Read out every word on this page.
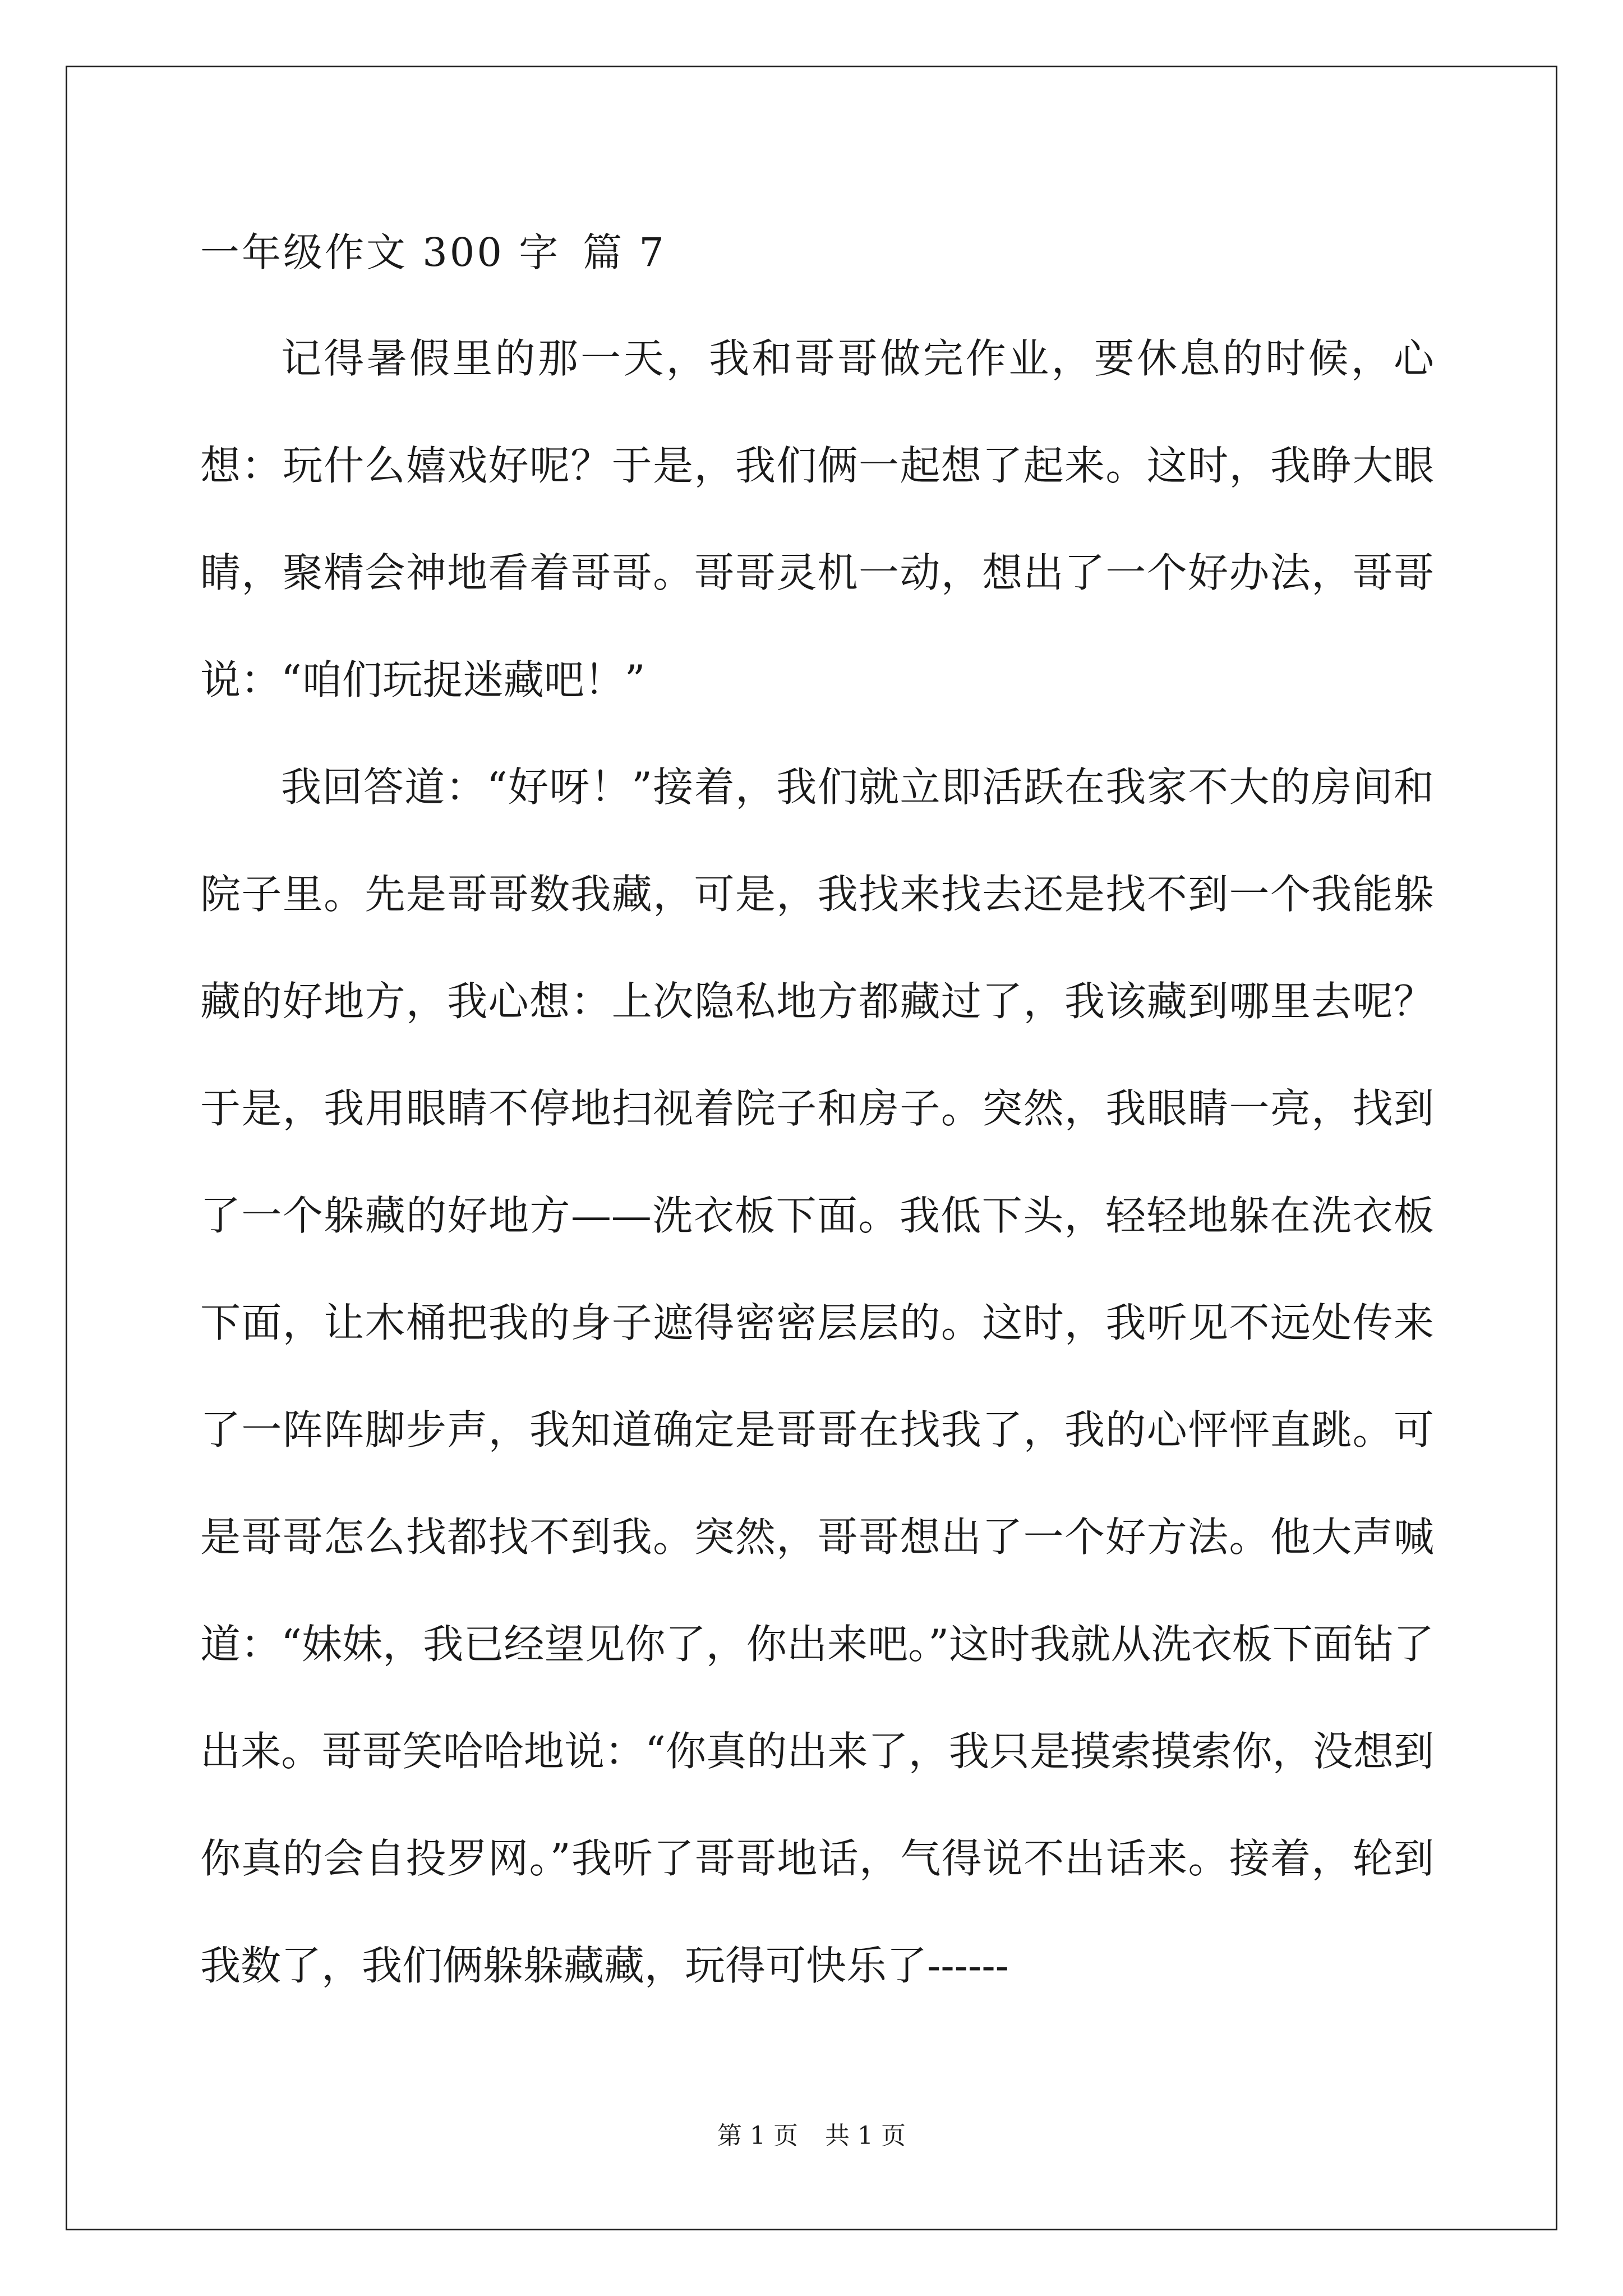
一年级作文 300 字 篇 7

记得暑假里的那一天，我和哥哥做完作业，要休息的时候，心想：玩什么嬉戏好呢？于是，我们俩一起想了起来。这时，我睁大眼睛，聚精会神地看着哥哥。哥哥灵机一动，想出了一个好办法，哥哥说：“咱们玩捉迷藏吧！”

我回答道：“好呀！”接着，我们就立即活跃在我家不大的房间和院子里。先是哥哥数我藏，可是，我找来找去还是找不到一个我能躲藏的好地方，我心想：上次隐私地方都藏过了，我该藏到哪里去呢？于是，我用眼睛不停地扫视着院子和房子。突然，我眼睛一亮，找到了一个躲藏的好地方——洗衣板下面。我低下头，轻轻地躲在洗衣板下面，让木桶把我的身子遮得密密层层的。这时，我听见不远处传来了一阵阵脚步声，我知道确定是哥哥在找我了，我的心怦怦直跳。可是哥哥怎么找都找不到我。突然，哥哥想出了一个好方法。他大声喊道：“妹妹，我已经望见你了，你出来吧。”这时我就从洗衣板下面钻了出来。哥哥笑哈哈地说：“你真的出来了，我只是摸索摸索你，没想到你真的会自投罗网。”我听了哥哥地话，气得说不出话来。接着，轮到我数了，我们俩躲躲藏藏，玩得可快乐了------

第 1 页 共 1 页
